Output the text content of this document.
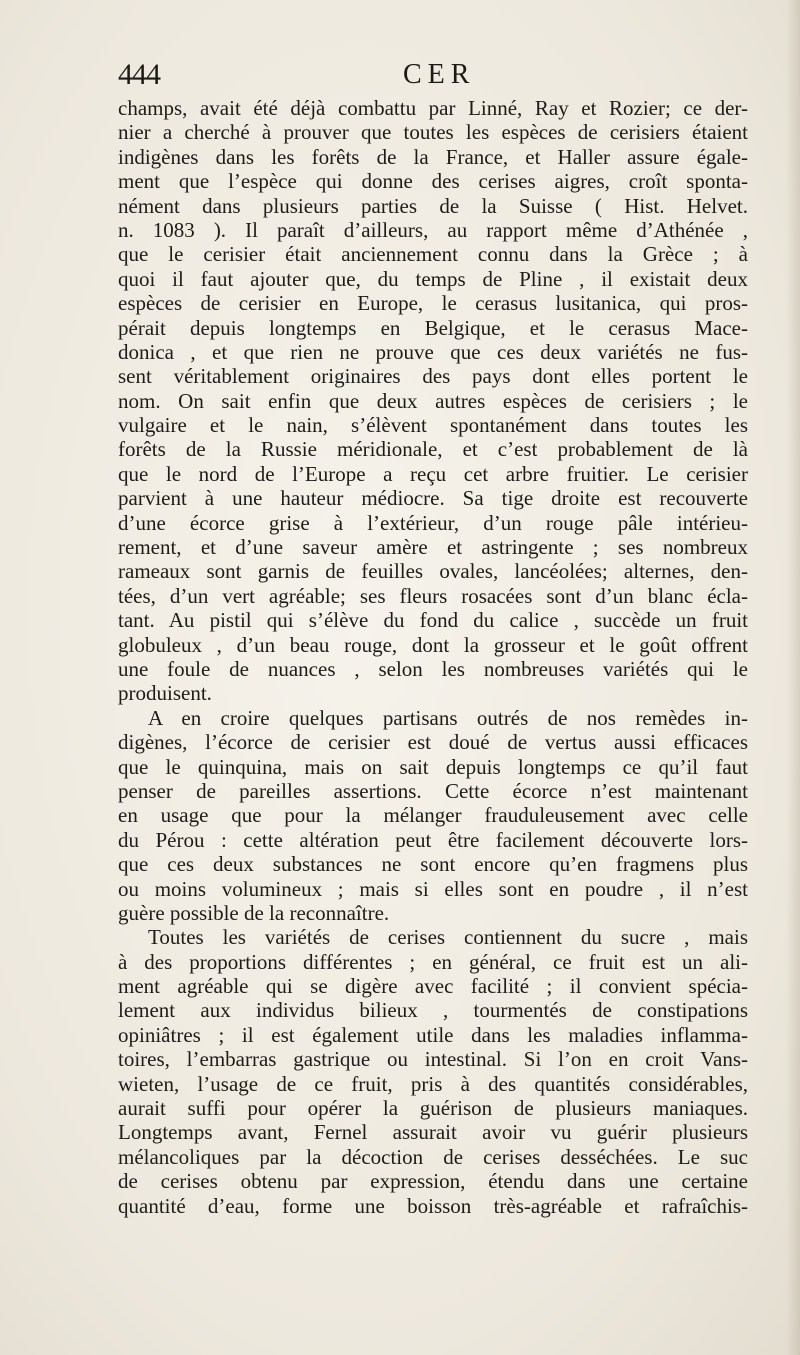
444	CER
champs, avait été déjà combattu par Linné, Ray et Rozier; ce der-
nier a cherché à prouver que toutes les espèces de cerisiers étaient
indigènes dans les forêts de la France, et Haller assure égale-
ment que l’espèce qui donne des cerises aigres, croît sponta-
nément dans plusieurs parties de la Suisse ( Hist. Helvet.
n. 1083 ). Il paraît d’ailleurs, au rapport même d’Athénée ,
que le cerisier était anciennement connu dans la Grèce ; à
quoi il faut ajouter que, du temps de Pline , il existait deux
espèces de cerisier en Europe, le cerasus lusitanica, qui pros-
pérait depuis longtemps en Belgique, et le cerasus Mace-
donica , et que rien ne prouve que ces deux variétés ne fus-
sent véritablement originaires des pays dont elles portent le
nom. On sait enfin que deux autres espèces de cerisiers ; le
vulgaire et le nain, s’élèvent spontanément dans toutes les
forêts de la Russie méridionale, et c’est probablement de là
que le nord de l’Europe a reçu cet arbre fruitier. Le cerisier
parvient à une hauteur médiocre. Sa tige droite est recouverte
d’une écorce grise à l’extérieur, d’un rouge pâle intérieu-
rement, et d’une saveur amère et astringente ; ses nombreux
rameaux sont garnis de feuilles ovales, lancéolées; alternes, den-
tées, d’un vert agréable; ses fleurs rosacées sont d’un blanc écla-
tant. Au pistil qui s’élève du fond du calice , succède un fruit
globuleux , d’un beau rouge, dont la grosseur et le goût offrent
une foule de nuances , selon les nombreuses variétés qui le
produisent.
A en croire quelques partisans outrés de nos remèdes in-
digènes, l’écorce de cerisier est doué de vertus aussi efficaces
que le quinquina, mais on sait depuis longtemps ce qu’il faut
penser de pareilles assertions. Cette écorce n’est maintenant
en usage que pour la mélanger frauduleusement avec celle
du Pérou : cette altération peut être facilement découverte lors-
que ces deux substances ne sont encore qu’en fragmens plus
ou moins volumineux ; mais si elles sont en poudre , il n’est
guère possible de la reconnaître.
Toutes les variétés de cerises contiennent du sucre , mais
à des proportions différentes ; en général, ce fruit est un ali-
ment agréable qui se digère avec facilité ; il convient spécia-
lement aux individus bilieux , tourmentés de constipations
opiniâtres ; il est également utile dans les maladies inflamma-
toires, l’embarras gastrique ou intestinal. Si l’on en croit Vans-
wieten, l’usage de ce fruit, pris à des quantités considérables,
aurait suffi pour opérer la guérison de plusieurs maniaques.
Longtemps avant, Fernel assurait avoir vu guérir plusieurs
mélancoliques par la décoction de cerises desséchées. Le suc
de cerises obtenu par expression, étendu dans une certaine
quantité d’eau, forme une boisson très-agréable et rafraîchis-
